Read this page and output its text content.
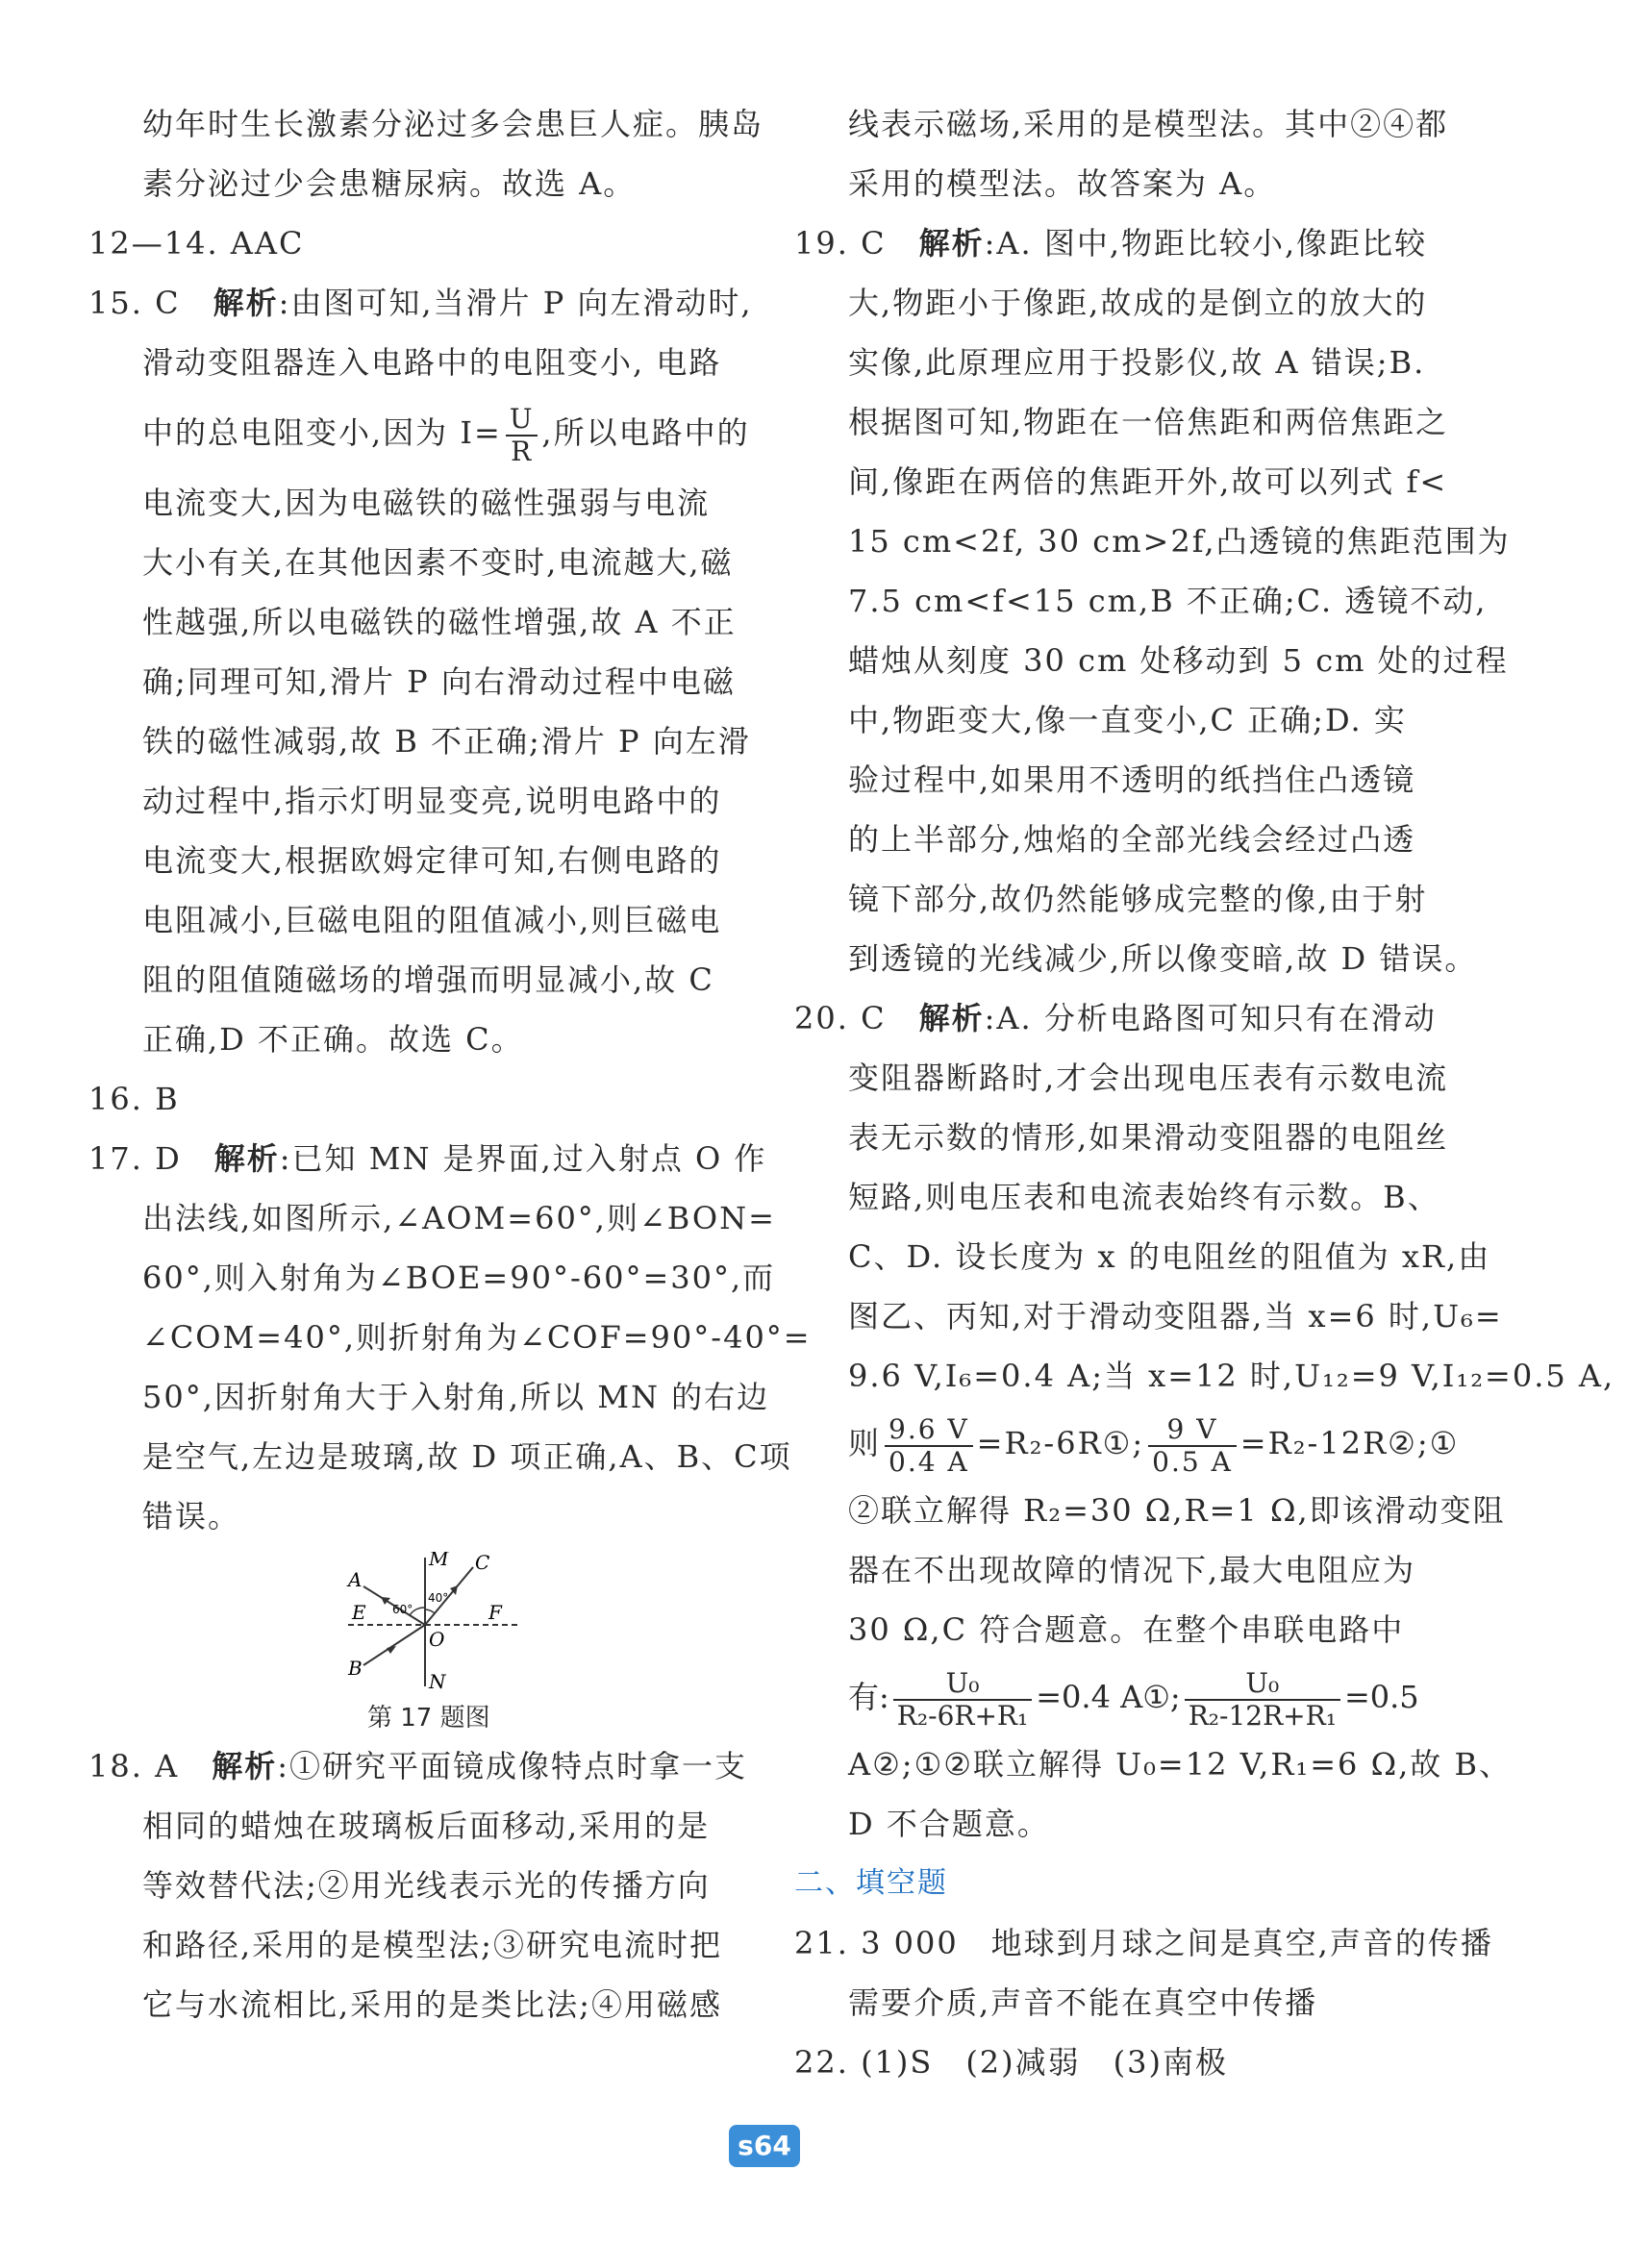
幼年时生长激素分泌过多会患巨人症。胰岛
素分泌过少会患糖尿病。故选 A。
12—14. AAC
15. C　 解析:由图可知,当滑片 P 向左滑动时,
滑动变阻器连入电路中的电阻变小, 电路
中的总电阻变小,因为 $I= \frac{U}{R}$ ,所以电路中的
电流变大,因为电磁铁的磁性强弱与电流
大小有关,在其他因素不变时,电流越大,磁
性越强,所以电磁铁的磁性增强,故 A 不正
确;同理可知,滑片 P 向右滑动过程中电磁
铁的磁性减弱,故 B 不正确;滑片 P 向左滑
动过程中,指示灯明显变亮,说明电路中的
电流变大,根据欧姆定律可知,右侧电路的
电阻减小,巨磁电阻的阻值减小,则巨磁电
阻的阻值随磁场的增强而明显减小,故 C
正确,D 不正确。故选 C。
16. B
17. D　 解析:已知 MN 是界面,过入射点 O 作
出法线,如图所示,∠AOM=60°,则∠BON=
60°,则入射角为∠BOE=90°-60°=30°,而
∠COM=40°,则折射角为∠COF=90°-40°=
50°,因折射角大于入射角,所以 MN 的右边
是空气,左边是玻璃,故 D 项正确,A、B、C项
错误。
M C
A
E	F
B
O
N
60°
40°
第 17 题图
18. A　 解析:①研究平面镜成像特点时拿一支
相同的蜡烛在玻璃板后面移动,采用的是
等效替代法;②用光线表示光的传播方向
和路径,采用的是模型法;③研究电流时把
它与水流相比,采用的是类比法;④用磁感
线表示磁场,采用的是模型法。其中②④都
采用的模型法。故答案为 A。
19. C　 解析:A. 图中,物距比较小,像距比较
大,物距小于像距,故成的是倒立的放大的
实像,此原理应用于投影仪,故 A 错误;B.
根据图可知,物距在一倍焦距和两倍焦距之
间,像距在两倍的焦距开外,故可以列式 f<
15 cm<2f, 30 cm>2f,凸透镜的焦距范围为
7.5 cm<f<15 cm,B 不正确;C. 透镜不动,
蜡烛从刻度 30 cm 处移动到 5 cm 处的过程
中,物距变大,像一直变小,C 正确;D. 实
验过程中,如果用不透明的纸挡住凸透镜
的上半部分,烛焰的全部光线会经过凸透
镜下部分,故仍然能够成完整的像,由于射
到透镜的光线减少,所以像变暗,故 D 错误。
20. C　 解析:A. 分析电路图可知只有在滑动
变阻器断路时,才会出现电压表有示数电流
表无示数的情形,如果滑动变阻器的电阻丝
短路,则电压表和电流表始终有示数。B、
C、D. 设长度为 x 的电阻丝的阻值为 xR,由
图乙、丙知,对于滑动变阻器,当 x=6 时,U₆=
9.6 V,I₆=0.4 A;当 x=12 时,U₁₂=9 V,I₁₂=0.5 A,
则 $\frac{9.6 V}{0.4 A}$ =R₂-6R①; $\frac{9 V}{0.5 A}$ =R₂-12R②;①
②联立解得 R₂=30 Ω,R=1 Ω,即该滑动变阻
器在不出现故障的情况下,最大电阻应为
30 Ω,C 符合题意。在整个串联电路中
有: $\frac{\text{U₀}}{\text{R₂-6R+R₁}} =0.4$ A①; $\frac{\text{U₀}}{\text{R₂-12R+R₁}} =0.5$
A②;①②联立解得 U₀=12 V,R₁=6 Ω,故 B、
D 不合题意。
二、填空题
21. 3 000　地球到月球之间是真空,声音的传播
需要介质,声音不能在真空中传播
22. (1)S　(2)减弱　(3)南极
s64
